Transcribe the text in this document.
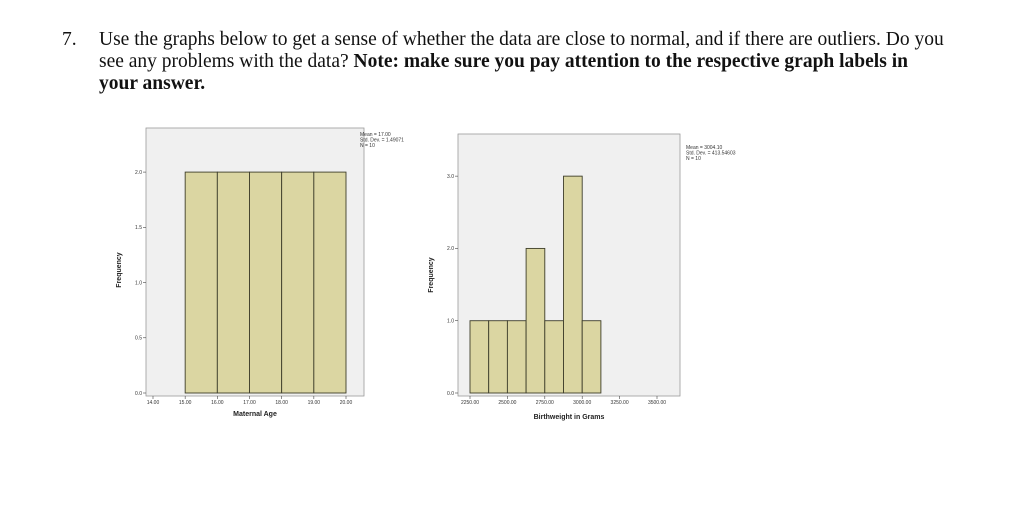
7. Use the graphs below to get a sense of whether the data are close to normal, and if there are outliers. Do you see any problems with the data? Note: make sure you pay attention to the respective graph labels in your answer.
0.0
0.5
1.0
1.5
2.0
14.00	15.00	16.00	17.00	18.00	19.00	20.00
Maternal Age
Frequency
Mean = 17.00
Std. Dev. = 1.49071
N = 10
0.0
1.0
2.0
3.0
2250.00	2500.00	2750.00	3000.00	3250.00	3500.00
Birthweight in Grams
Frequency
Mean = 3004.10
Std. Dev. = 413.54603
N = 10
